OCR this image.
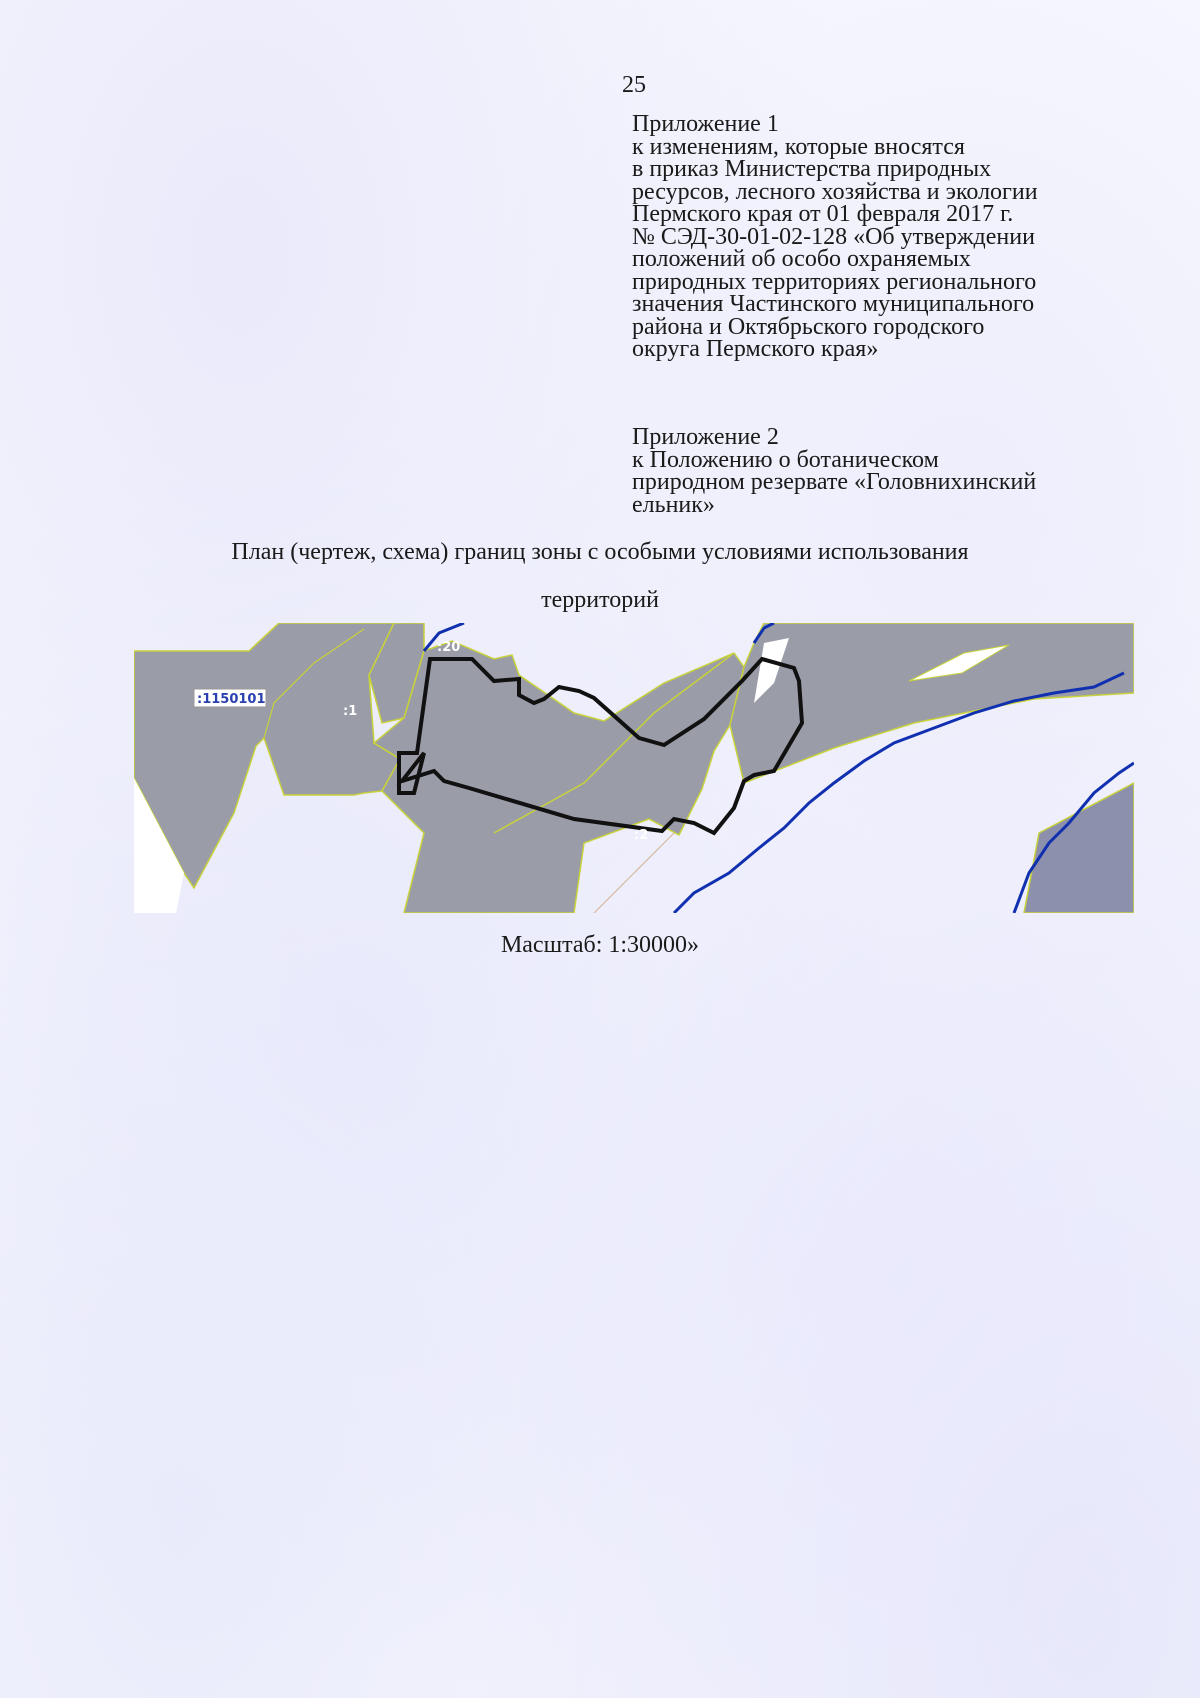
25
Приложение 1
к изменениям, которые вносятся
в приказ Министерства природных
ресурсов, лесного хозяйства и экологии
Пермского края от 01 февраля 2017 г.
№ СЭД-30-01-02-128 «Об утверждении
положений об особо охраняемых
природных территориях регионального
значения Частинского муниципального
района и Октябрьского городского
округа Пермского края»
Приложение 2
к Положению о ботаническом
природном резервате «Головнихинский
ельник»
План (чертеж, схема) границ зоны с особыми условиями использования
территорий
:1150101
:1
:20
:2
Масштаб: 1:30000»
